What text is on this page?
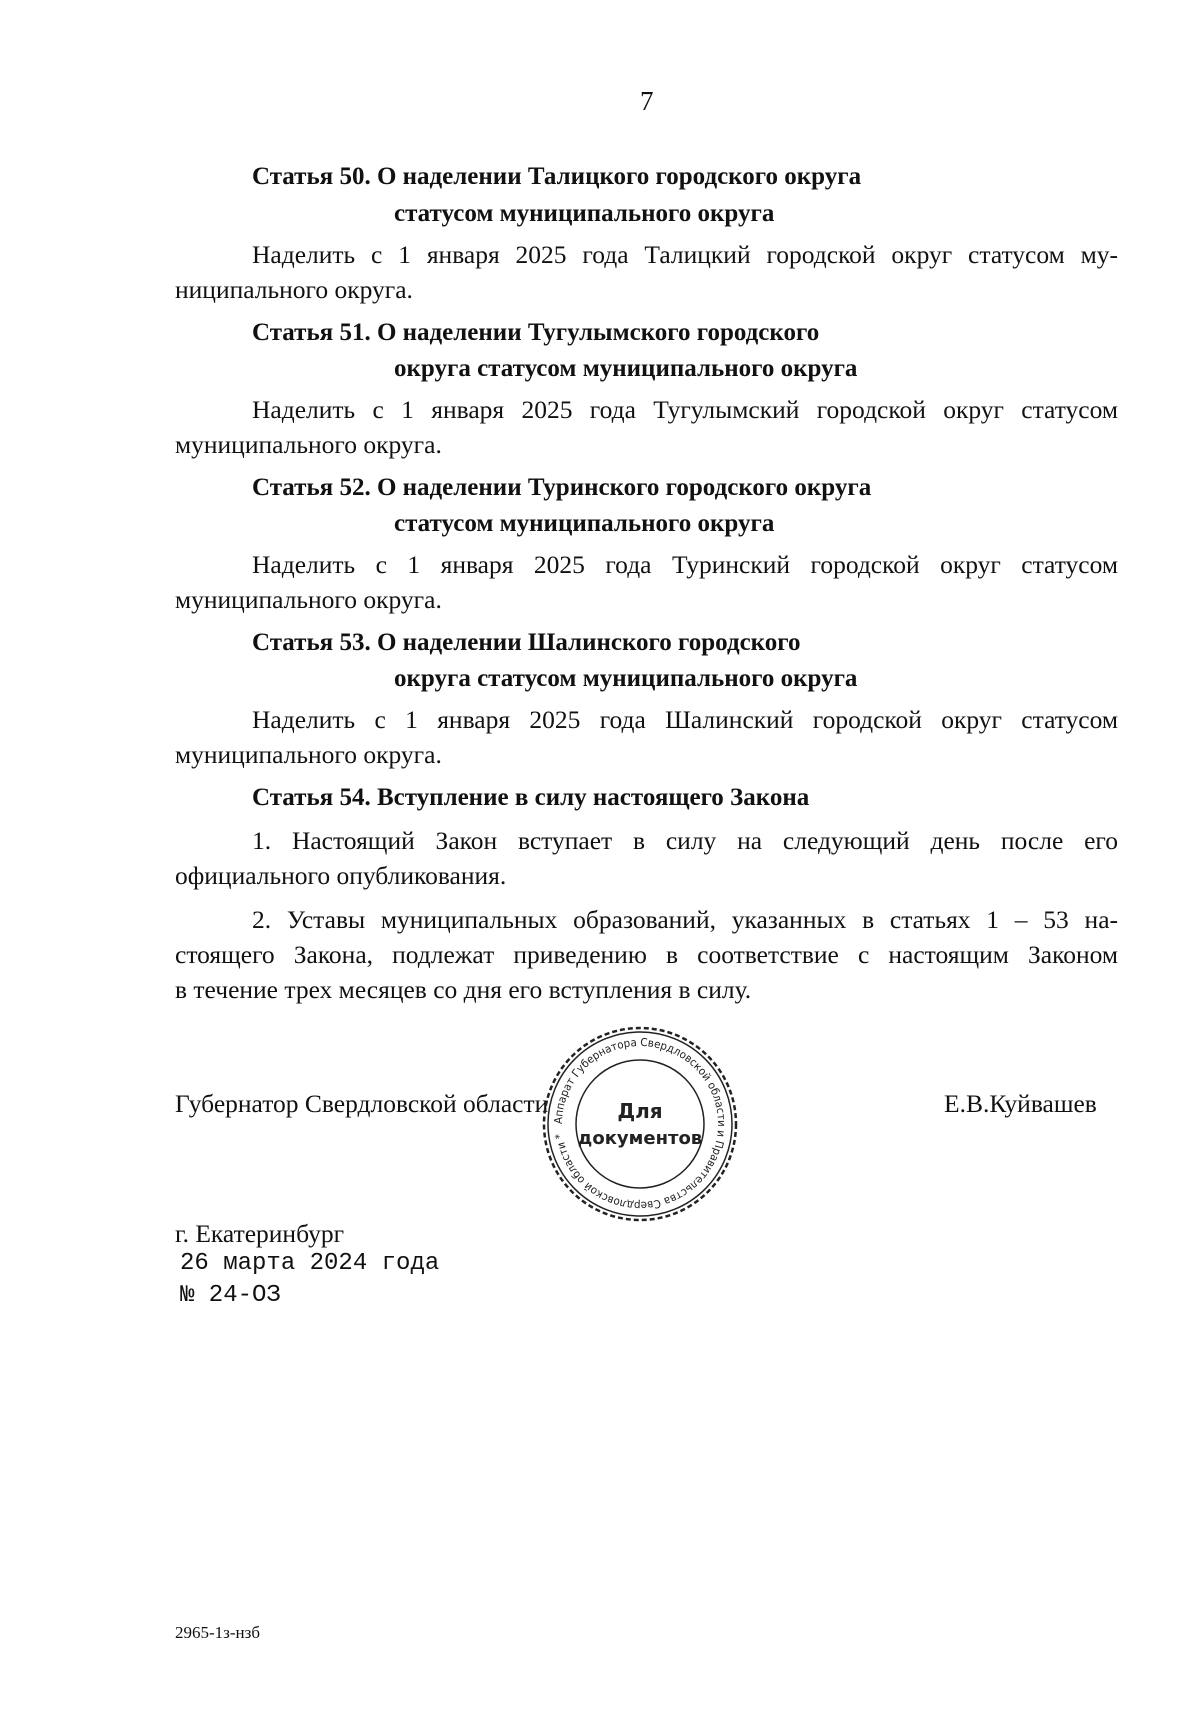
7
Статья 50. О наделении Талицкого городского округа
статусом муниципального округа
Наделить с 1 января 2025 года Талицкий городской округ статусом му-
ниципального округа.
Статья 51. О наделении Тугулымского городского
округа статусом муниципального округа
Наделить с 1 января 2025 года Тугулымский городской округ статусом
муниципального округа.
Статья 52. О наделении Туринского городского округа
статусом муниципального округа
Наделить с 1 января 2025 года Туринский городской округ статусом
муниципального округа.
Статья 53. О наделении Шалинского городского
округа статусом муниципального округа
Наделить с 1 января 2025 года Шалинский городской округ статусом
муниципального округа.
Статья 54. Вступление в силу настоящего Закона
1. Настоящий Закон вступает в силу на следующий день после его
официального опубликования.
2. Уставы муниципальных образований, указанных в статьях 1 – 53 на-
стоящего Закона, подлежат приведению в соответствие с настоящим Законом
в течение трех месяцев со дня его вступления в силу.
Губернатор Свердловской области	Е.В.Куйвашев
Аппарат Губернатора Свердловской области и Правительства Свердловской области *
Для
документов
г. Екатеринбург
26 марта 2024 года
№ 24-ОЗ
2965-1з-нзб
